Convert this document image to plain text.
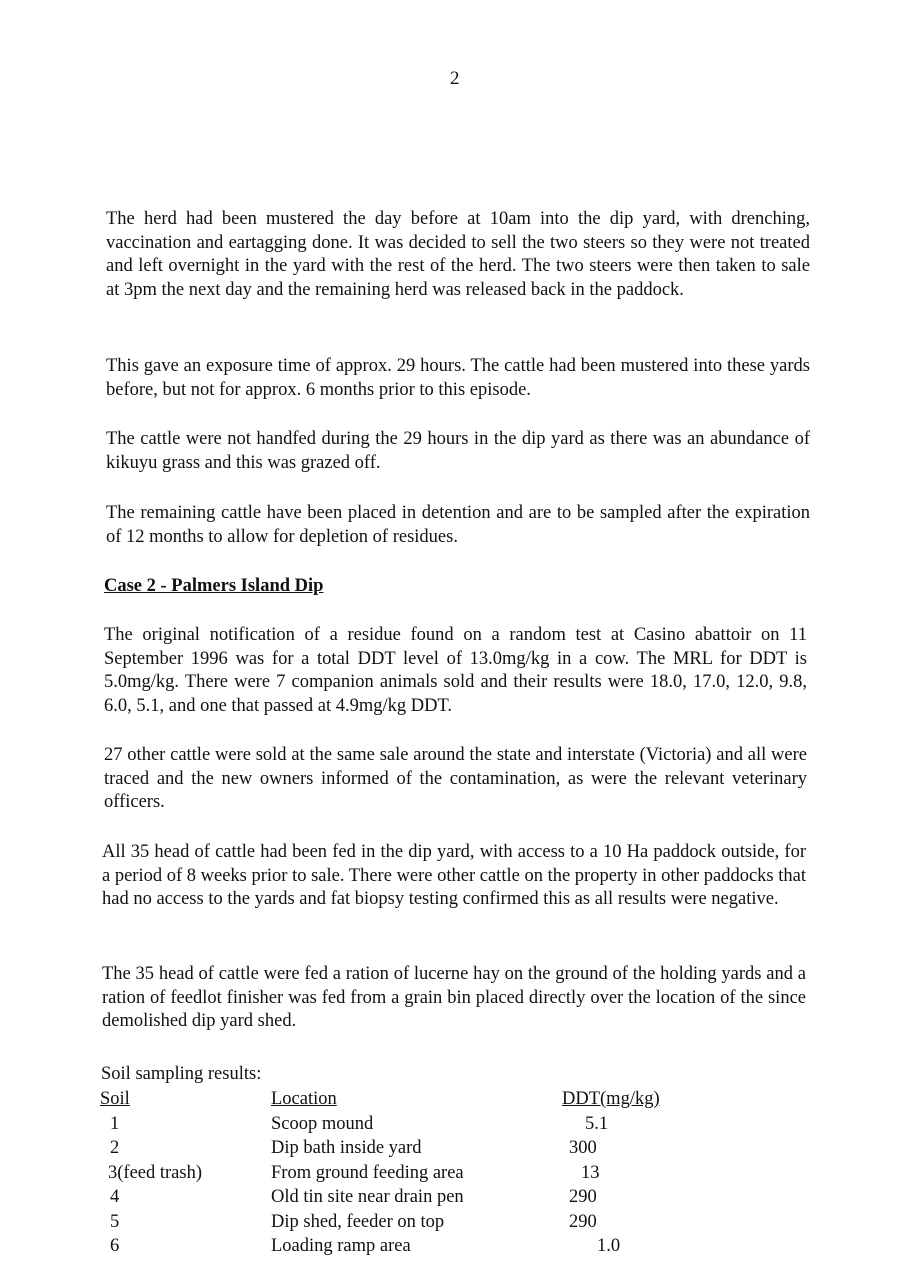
2

The herd had been mustered the day before at 10am into the dip yard, with drenching, vaccination and eartagging done. It was decided to sell the two steers so they were not treated and left overnight in the yard with the rest of the herd. The two steers were then taken to sale at 3pm the next day and the remaining herd was released back in the paddock.

This gave an exposure time of approx. 29 hours. The cattle had been mustered into these yards before, but not for approx. 6 months prior to this episode.

The cattle were not handfed during the 29 hours in the dip yard as there was an abundance of kikuyu grass and this was grazed off.

The remaining cattle have been placed in detention and are to be sampled after the expiration of 12 months to allow for depletion of residues.

Case 2 - Palmers Island Dip

The original notification of a residue found on a random test at Casino abattoir on 11 September 1996 was for a total DDT level of 13.0mg/kg in a cow. The MRL for DDT is 5.0mg/kg. There were 7 companion animals sold and their results were 18.0, 17.0, 12.0, 9.8, 6.0, 5.1, and one that passed at 4.9mg/kg DDT.

27 other cattle were sold at the same sale around the state and interstate (Victoria) and all were traced and the new owners informed of the contamination, as were the relevant veterinary officers.

All 35 head of cattle had been fed in the dip yard, with access to a 10 Ha paddock outside, for a period of 8 weeks prior to sale. There were other cattle on the property in other paddocks that had no access to the yards and fat biopsy testing confirmed this as all results were negative.

The 35 head of cattle were fed a ration of lucerne hay on the ground of the holding yards and a ration of feedlot finisher was fed from a grain bin placed directly over the location of the since demolished dip yard shed.

Soil sampling results:
Soil	Location	DDT(mg/kg)
1	Scoop mound	5.1
2	Dip bath inside yard	300
3(feed trash)	From ground feeding area	13
4	Old tin site near drain pen	290
5	Dip shed, feeder on top	290
6	Loading ramp area	1.0
